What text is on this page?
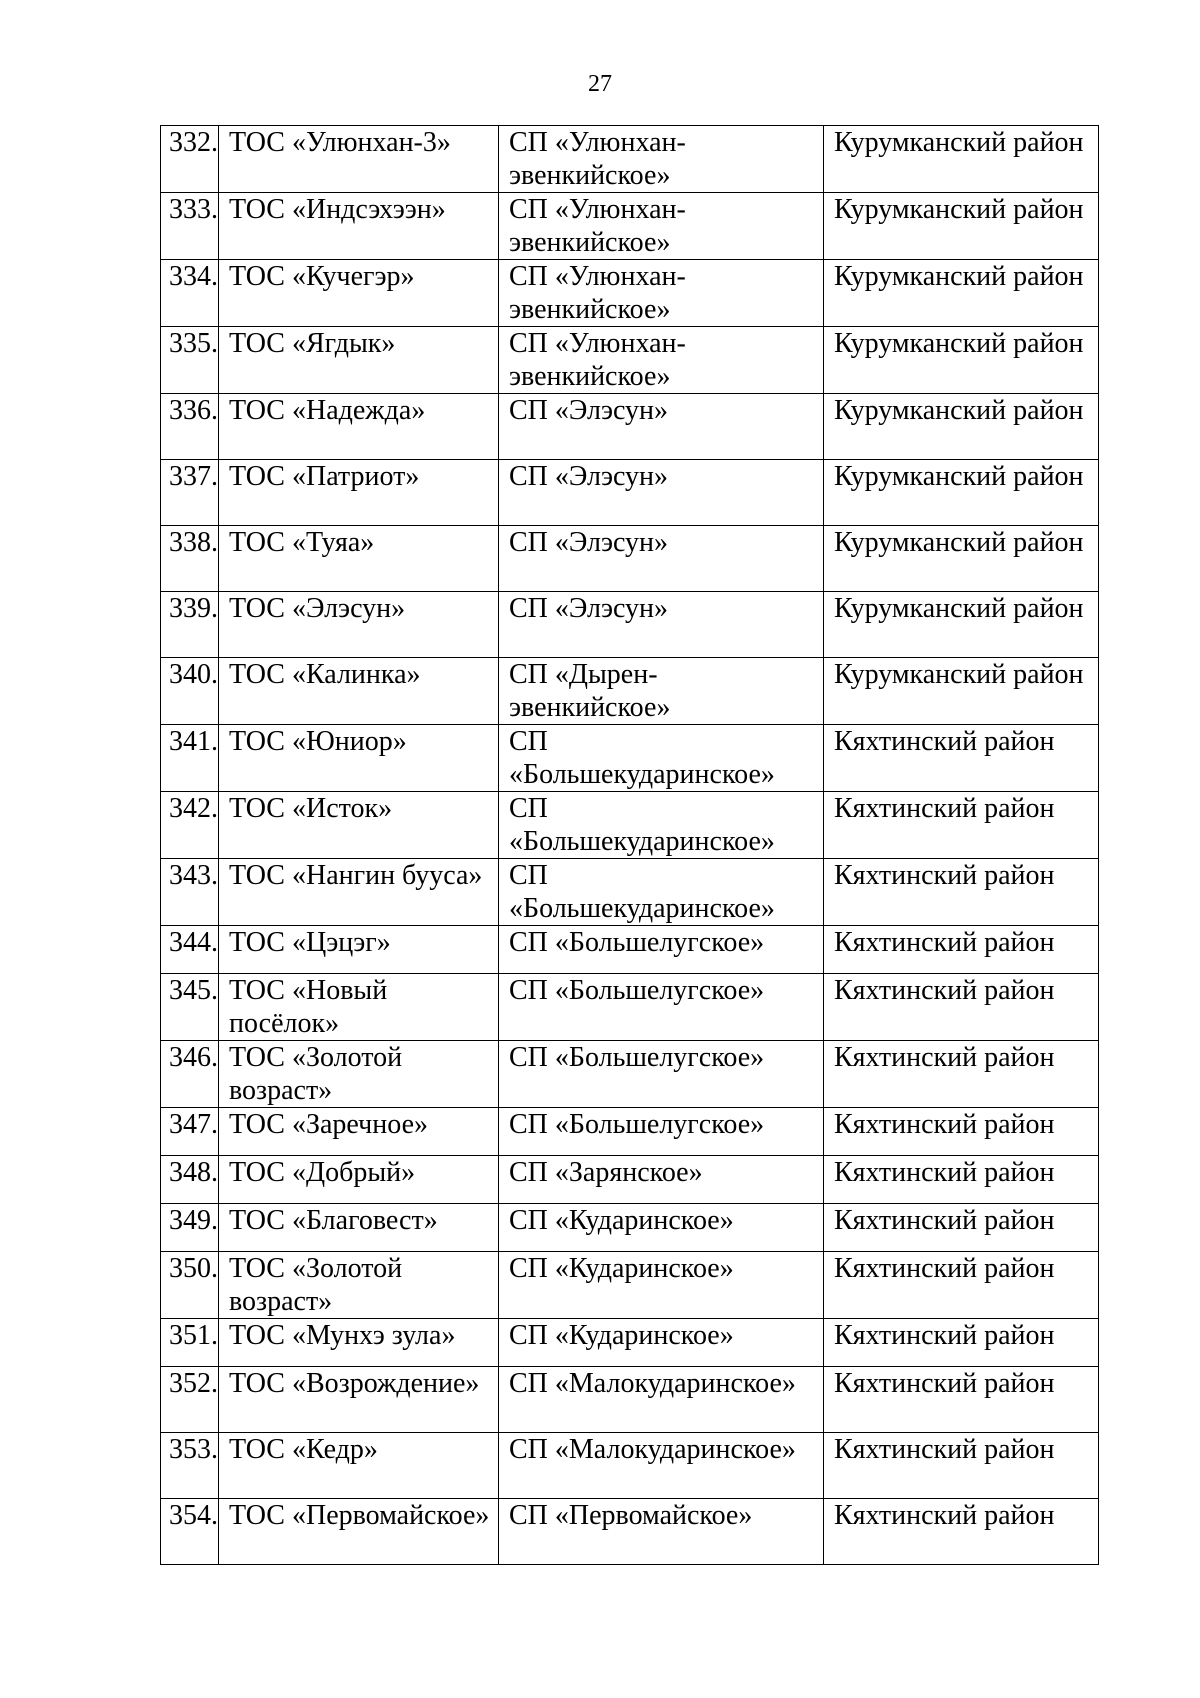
27
332.	ТОС «Улюнхан-3»	СП «Улюнхан-эвенкийское»	Курумканский район
333.	ТОС «Индсэхээн»	СП «Улюнхан-эвенкийское»	Курумканский район
334.	ТОС «Кучегэр»	СП «Улюнхан-эвенкийское»	Курумканский район
335.	ТОС «Ягдык»	СП «Улюнхан-эвенкийское»	Курумканский район
336.	ТОС «Надежда»	СП «Элэсун»	Курумканский район
337.	ТОС «Патриот»	СП «Элэсун»	Курумканский район
338.	ТОС «Туяа»	СП «Элэсун»	Курумканский район
339.	ТОС «Элэсун»	СП «Элэсун»	Курумканский район
340.	ТОС «Калинка»	СП «Дырен-эвенкийское»	Курумканский район
341.	ТОС «Юниор»	СП «Большекударинское»	Кяхтинский район
342.	ТОС «Исток»	СП «Большекударинское»	Кяхтинский район
343.	ТОС «Нангин бууса»	СП «Большекударинское»	Кяхтинский район
344.	ТОС «Цэцэг»	СП «Большелугское»	Кяхтинский район
345.	ТОС «Новый посёлок»	СП «Большелугское»	Кяхтинский район
346.	ТОС «Золотой возраст»	СП «Большелугское»	Кяхтинский район
347.	ТОС «Заречное»	СП «Большелугское»	Кяхтинский район
348.	ТОС «Добрый»	СП «Зарянское»	Кяхтинский район
349.	ТОС «Благовест»	СП «Кударинское»	Кяхтинский район
350.	ТОС «Золотой возраст»	СП «Кударинское»	Кяхтинский район
351.	ТОС «Мунхэ зула»	СП «Кударинское»	Кяхтинский район
352.	ТОС «Возрождение»	СП «Малокударинское»	Кяхтинский район
353.	ТОС «Кедр»	СП «Малокударинское»	Кяхтинский район
354.	ТОС «Первомайское»	СП «Первомайское»	Кяхтинский район
